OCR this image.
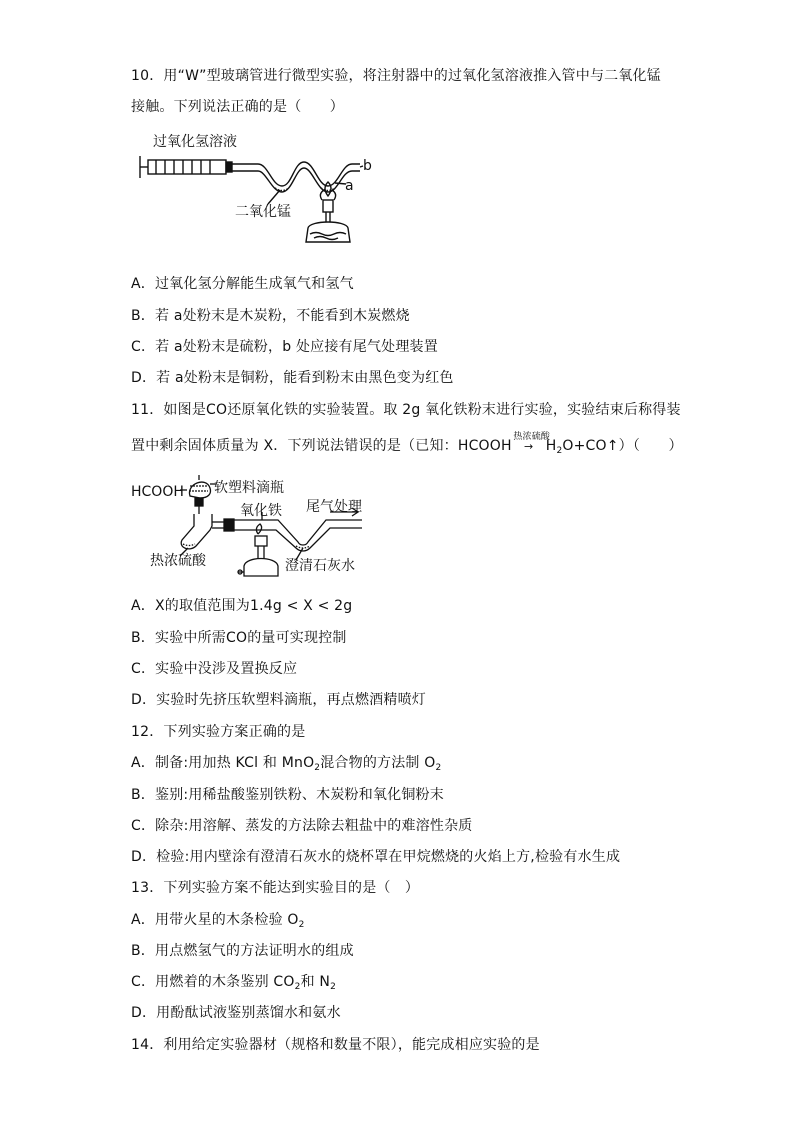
10．用“W”型玻璃管进行微型实验，将注射器中的过氧化氢溶液推入管中与二氧化锰
接触。下列说法正确的是（　　）
过氧化氢溶液
二氧化锰
a
b
A．过氧化氢分解能生成氧气和氢气
B．若 a处粉末是木炭粉，不能看到木炭燃烧
C．若 a处粉末是硫粉，b 处应接有尾气处理装置
D．若 a处粉末是铜粉，能看到粉末由黑色变为红色
11．如图是CO还原氧化铁的实验装置。取 2g 氧化铁粉末进行实验，实验结束后称得装
置中剩余固体质量为 X．下列说法错误的是（已知：HCOOH
热浓硫酸
→ $H_2O+CO↑$）（　　）
HCOOH 软塑料滴瓶
氧化铁 尾气处理
热浓硫酸	澄清石灰水
A．X的取值范围为1.4g < X < 2g
B．实验中所需CO的量可实现控制
C．实验中没涉及置换反应
D．实验时先挤压软塑料滴瓶，再点燃酒精喷灯
12．下列实验方案正确的是
A．制备:用加热 KCl 和 MnO$_2$混合物的方法制 $O_2$
B．鉴别:用稀盐酸鉴别铁粉、木炭粉和氧化铜粉末
C．除杂:用溶解、蒸发的方法除去粗盐中的难溶性杂质
D．检验:用内壁涂有澄清石灰水的烧杯罩在甲烷燃烧的火焰上方,检验有水生成
13．下列实验方案不能达到实验目的是（　）
A．用带火星的木条检验 $O_2$
B．用点燃氢气的方法证明水的组成
C．用燃着的木条鉴别 $CO_2$和 $N_2$
D．用酚酞试液鉴别蒸馏水和氨水
14．利用给定实验器材（规格和数量不限），能完成相应实验的是
